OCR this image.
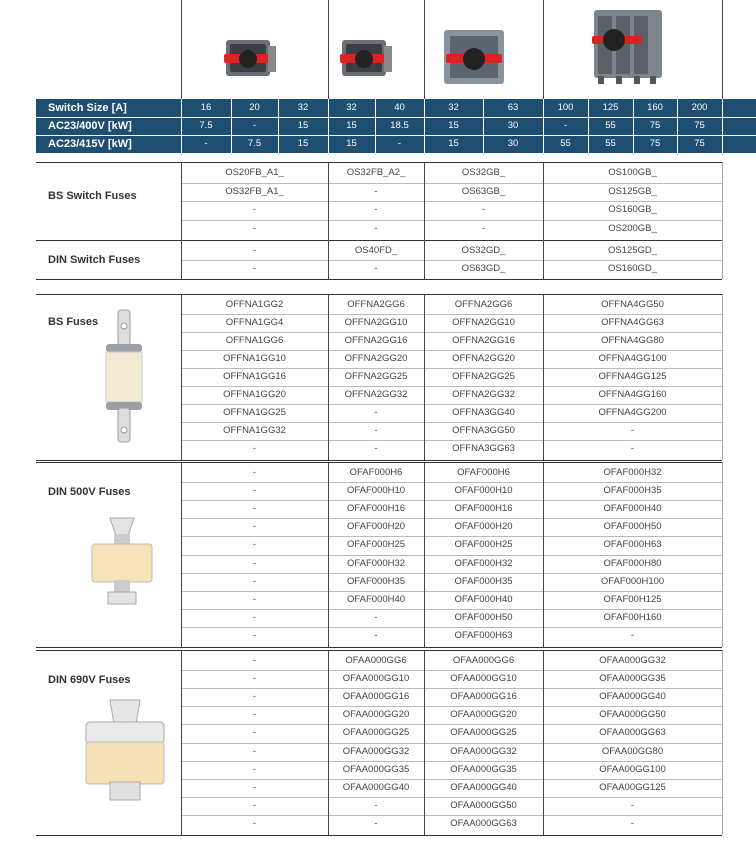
Switch Size [A]	16	20	32	32	40	32	63	100	125	160	200
AC23/400V [kW]	7.5	-	15	15	18.5	15	30	-	55	75	75
AC23/415V [kW]	-	7.5	15	15	-	15	30	55	55	75	75
BS Switch Fuses
OS20FB_A1_	OS32FB_A2_	OS32GB_	OS100GB_
OS32FB_A1_	-	OS63GB_	OS125GB_
-	-	-	OS160GB_
-	-	-	OS200GB_
DIN Switch Fuses
-	OS40FD_	OS32GD_	OS125GD_
-	-	OS63GD_	OS160GD_
BS Fuses
OFFNA1GG2	OFFNA2GG6	OFFNA2GG6	OFFNA4GG50
OFFNA1GG4	OFFNA2GG10	OFFNA2GG10	OFFNA4GG63
OFFNA1GG6	OFFNA2GG16	OFFNA2GG16	OFFNA4GG80
OFFNA1GG10	OFFNA2GG20	OFFNA2GG20	OFFNA4GG100
OFFNA1GG16	OFFNA2GG25	OFFNA2GG25	OFFNA4GG125
OFFNA1GG20	OFFNA2GG32	OFFNA2GG32	OFFNA4GG160
OFFNA1GG25	-	OFFNA3GG40	OFFNA4GG200
OFFNA1GG32	-	OFFNA3GG50	-
-	-	OFFNA3GG63	-
DIN 500V Fuses
-	OFAF000H6	OFAF000H6	OFAF000H32
-	OFAF000H10	OFAF000H10	OFAF000H35
-	OFAF000H16	OFAF000H16	OFAF000H40
-	OFAF000H20	OFAF000H20	OFAF000H50
-	OFAF000H25	OFAF000H25	OFAF000H63
-	OFAF000H32	OFAF000H32	OFAF000H80
-	OFAF000H35	OFAF000H35	OFAF000H100
-	OFAF000H40	OFAF000H40	OFAF00H125
-	-	OFAF000H50	OFAF00H160
-	-	OFAF000H63	-
DIN 690V Fuses
-	OFAA000GG6	OFAA000GG6	OFAA000GG32
-	OFAA000GG10	OFAA000GG10	OFAA000GG35
-	OFAA000GG16	OFAA000GG16	OFAA000GG40
-	OFAA000GG20	OFAA000GG20	OFAA000GG50
-	OFAA000GG25	OFAA000GG25	OFAA000GG63
-	OFAA000GG32	OFAA000GG32	OFAA00GG80
-	OFAA000GG35	OFAA000GG35	OFAA00GG100
-	OFAA000GG40	OFAA000GG40	OFAA00GG125
-	-	OFAA000GG50	-
-	-	OFAA000GG63	-
